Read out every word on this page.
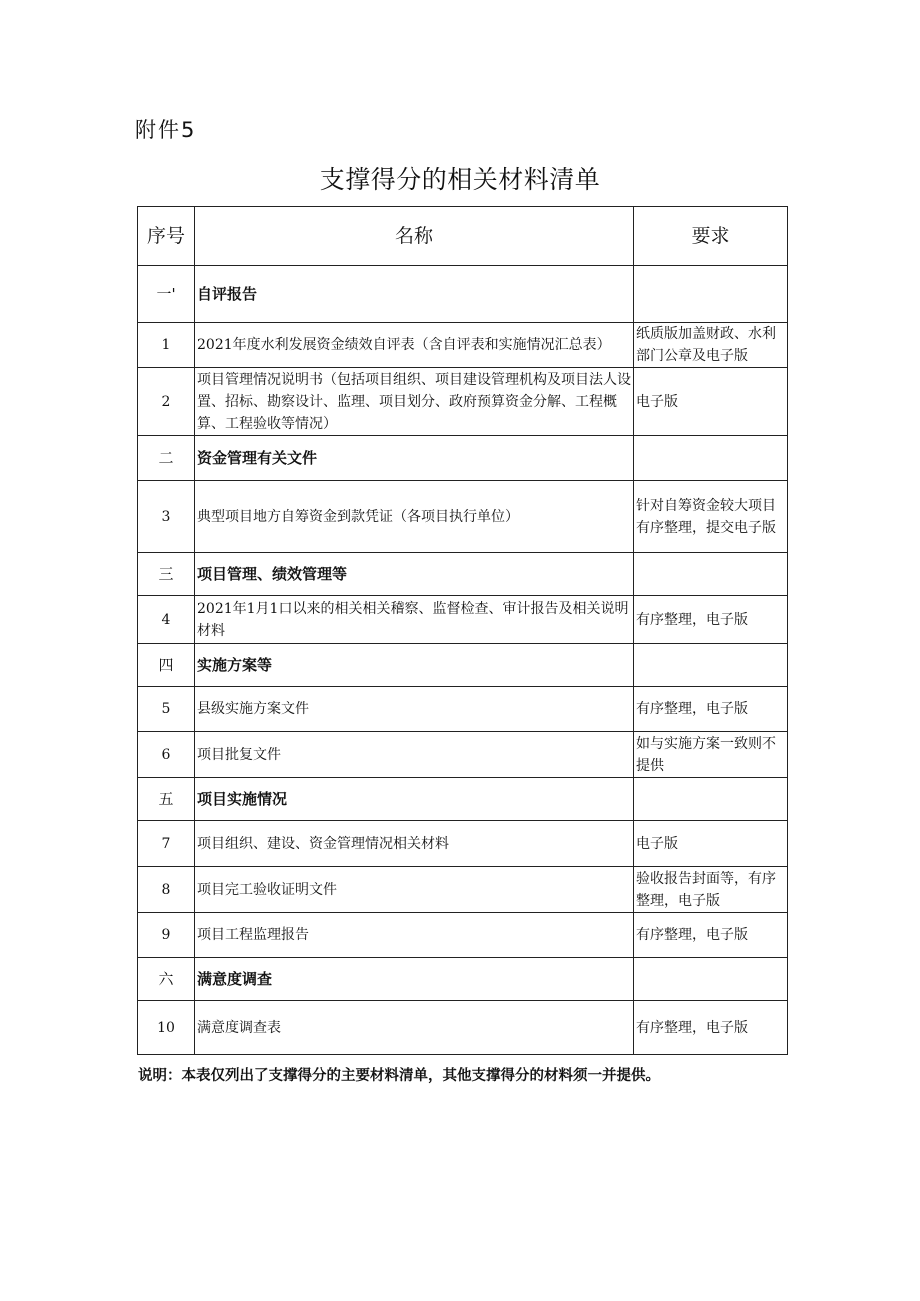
附件5
支撑得分的相关材料清单
序号	名称	要求
一'	自评报告	
1	2021年度水利发展资金绩效自评表（含自评表和实施情况汇总表）	纸质版加盖财政、水利部门公章及电子版
2	项目管理情况说明书（包括项目组织、项目建设管理机构及项目法人设置、招标、勘察设计、监理、项目划分、政府预算资金分解、工程概算、工程验收等情况）	电子版
二	资金管理有关文件	
3	典型项目地方自筹资金到款凭证（各项目执行单位）	针对自筹资金较大项目有序整理，提交电子版
三	项目管理、绩效管理等	
4	2021年1月1口以来的相关相关稽察、监督检查、审计报告及相关说明材料	有序整理，电子版
四	实施方案等	
5	县级实施方案文件	有序整理，电子版
6	项目批复文件	如与实施方案一致则不提供
五	项目实施情况	
7	项目组织、建设、资金管理情况相关材料	电子版
8	项目完工验收证明文件	验收报告封面等，有序整理，电子版
9	项目工程监理报告	有序整理，电子版
六	满意度调查	
10	满意度调查表	有序整理，电子版
说明：本表仅列出了支撑得分的主要材料清单，其他支撑得分的材料须一并提供。
